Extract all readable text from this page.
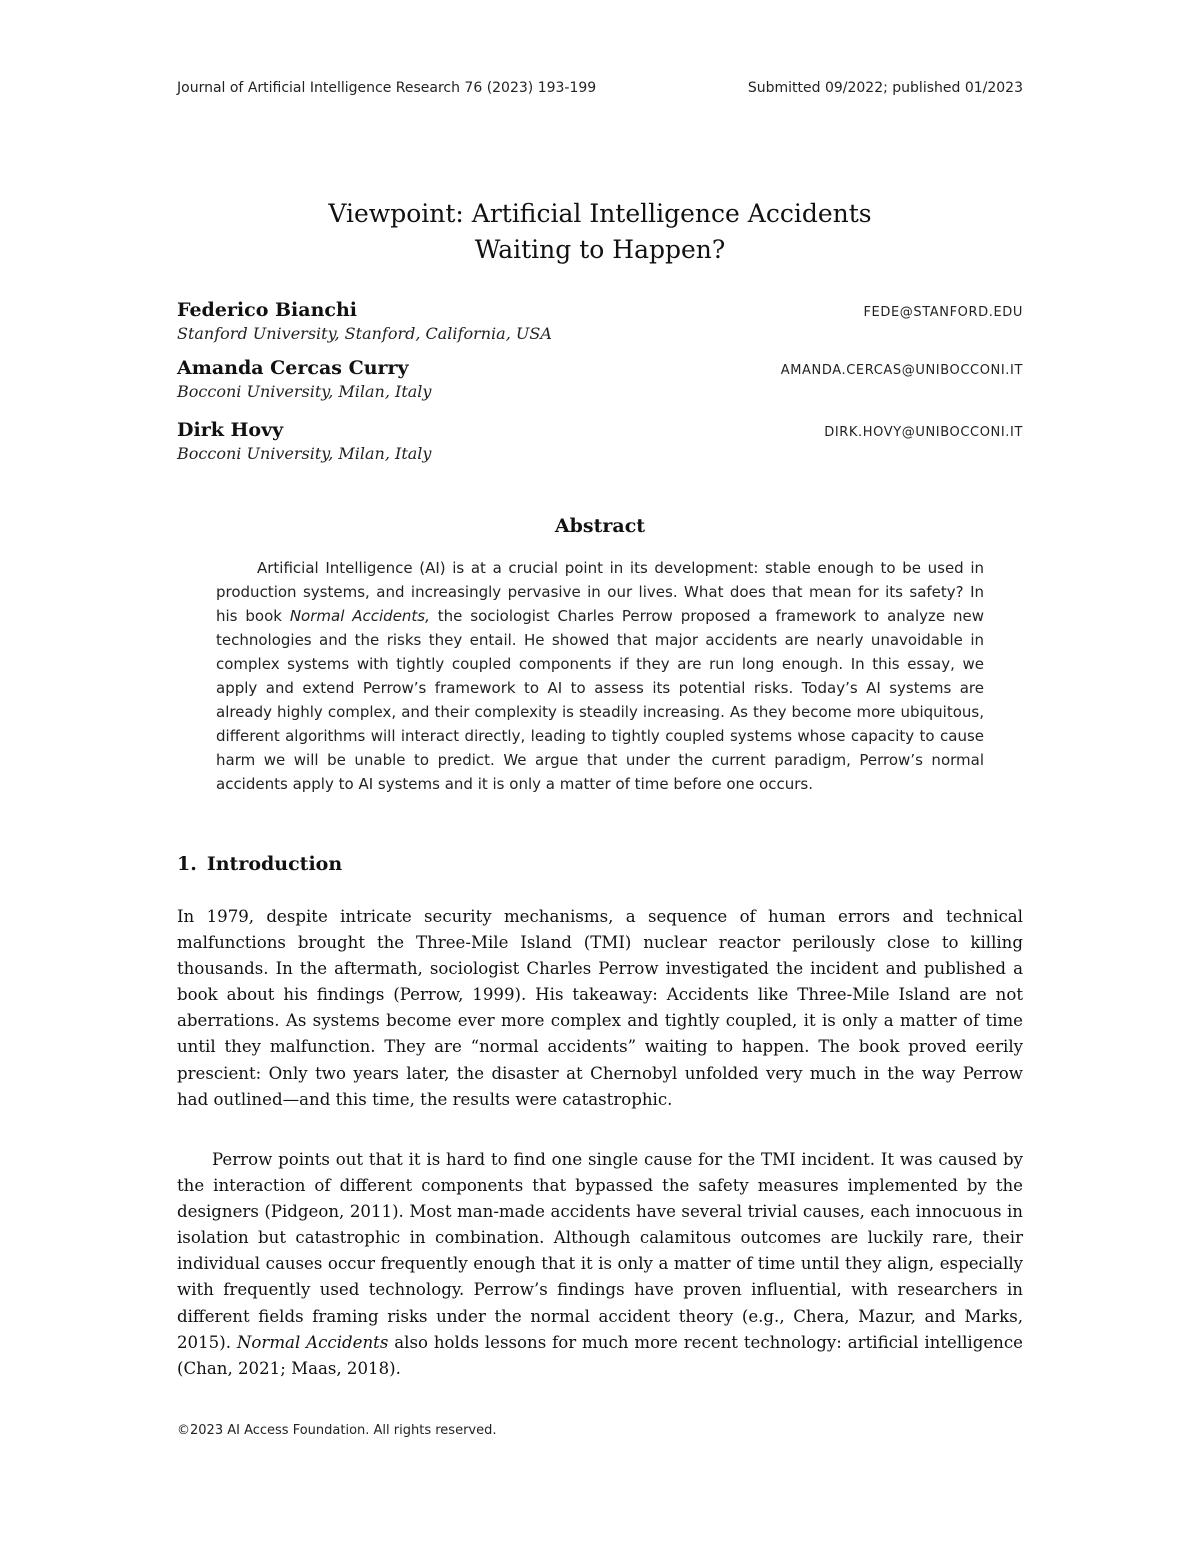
Journal of Artificial Intelligence Research 76 (2023) 193-199	Submitted 09/2022; published 01/2023
Viewpoint: Artificial Intelligence Accidents
Waiting to Happen?
Federico Bianchi	FEDE@STANFORD.EDU
Stanford University, Stanford, California, USA
Amanda Cercas Curry	AMANDA.CERCAS@UNIBOCCONI.IT
Bocconi University, Milan, Italy
Dirk Hovy	DIRK.HOVY@UNIBOCCONI.IT
Bocconi University, Milan, Italy
Abstract

Artificial Intelligence (AI) is at a crucial point in its development: stable enough to be used in production systems, and increasingly pervasive in our lives. What does that mean for its safety? In his book Normal Accidents, the sociologist Charles Perrow proposed a framework to analyze new technologies and the risks they entail. He showed that major accidents are nearly unavoidable in complex systems with tightly coupled components if they are run long enough. In this essay, we apply and extend Perrow’s framework to AI to assess its potential risks. Today’s AI systems are already highly complex, and their complexity is steadily increasing. As they become more ubiquitous, different algorithms will interact directly, leading to tightly coupled systems whose capacity to cause harm we will be unable to predict. We argue that under the current paradigm, Perrow’s normal accidents apply to AI systems and it is only a matter of time before one occurs.

1. Introduction

In 1979, despite intricate security mechanisms, a sequence of human errors and technical malfunctions brought the Three-Mile Island (TMI) nuclear reactor perilously close to killing thousands. In the aftermath, sociologist Charles Perrow investigated the incident and published a book about his findings (Perrow, 1999). His takeaway: Accidents like Three-Mile Island are not aberrations. As systems become ever more complex and tightly coupled, it is only a matter of time until they malfunction. They are “normal accidents” waiting to happen. The book proved eerily prescient: Only two years later, the disaster at Chernobyl unfolded very much in the way Perrow had outlined—and this time, the results were catastrophic.

Perrow points out that it is hard to find one single cause for the TMI incident. It was caused by the interaction of different components that bypassed the safety measures implemented by the designers (Pidgeon, 2011). Most man-made accidents have several trivial causes, each innocuous in isolation but catastrophic in combination. Although calamitous outcomes are luckily rare, their individual causes occur frequently enough that it is only a matter of time until they align, especially with frequently used technology. Perrow’s findings have proven influential, with researchers in different fields framing risks under the normal accident theory (e.g., Chera, Mazur, and Marks, 2015). Normal Accidents also holds lessons for much more recent technology: artificial intelligence (Chan, 2021; Maas, 2018).

©2023 AI Access Foundation. All rights reserved.
